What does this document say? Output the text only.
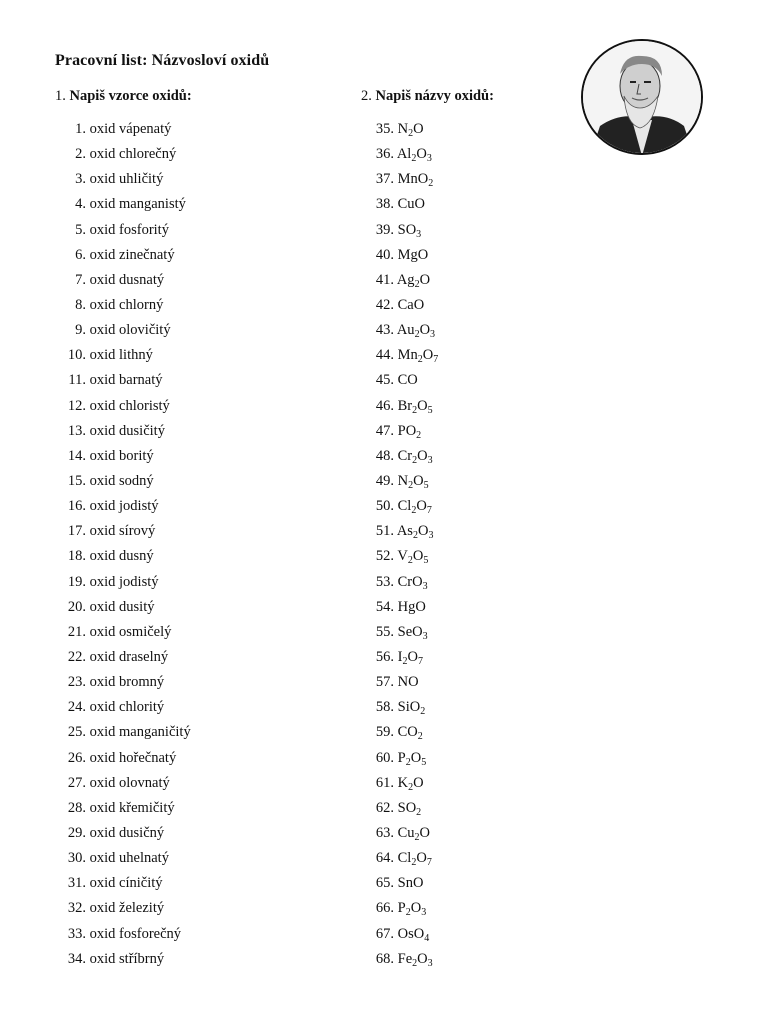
Pracovní list: Názvosloví oxidů
1. Napiš vzorce oxidů:	2. Napiš názvy oxidů:
1. oxid vápenatý
2. oxid chlorečný
3. oxid uhličitý
4. oxid manganistý
5. oxid fosforitý
6. oxid zinečnatý
7. oxid dusnatý
8. oxid chlorný
9. oxid olovičitý
10. oxid lithný
11. oxid barnatý
12. oxid chloristý
13. oxid dusičitý
14. oxid boritý
15. oxid sodný
16. oxid jodistý
17. oxid sírový
18. oxid dusný
19. oxid jodistý
20. oxid dusitý
21. oxid osmičelý
22. oxid draselný
23. oxid bromný
24. oxid chloritý
25. oxid manganičitý
26. oxid hořečnatý
27. oxid olovnatý
28. oxid křemičitý
29. oxid dusičný
30. oxid uhelnatý
31. oxid cíničitý
32. oxid železitý
33. oxid fosforečný
34. oxid stříbrný
35. $N_2O$
36. $Al_2O_3$
37. MnO$_2$
38. CuO
39. $SO_3$
40. MgO
41. $Ag_2O$
42. CaO
43. $Au_2O_3$
44. $Mn_2O_7$
45. CO
46. $Br_2O_5$
47. $PO_2$
48. $Cr_2O_3$
49. $N_2O_5$
50. $Cl_2O_7$
51. $As_2O_3$
52. $V_2O_5$
53. CrO$_3$
54. HgO
55. SeO$_3$
56. $I_2O_7$
57. NO
58. SiO$_2$
59. $CO_2$
60. $P_2O_5$
61. $K_2O$
62. $SO_2$
63. $Cu_2O$
64. $Cl_2O_7$
65. SnO
66. $P_2O_3$
67. OsO$_4$
68. $Fe_2O_3$
